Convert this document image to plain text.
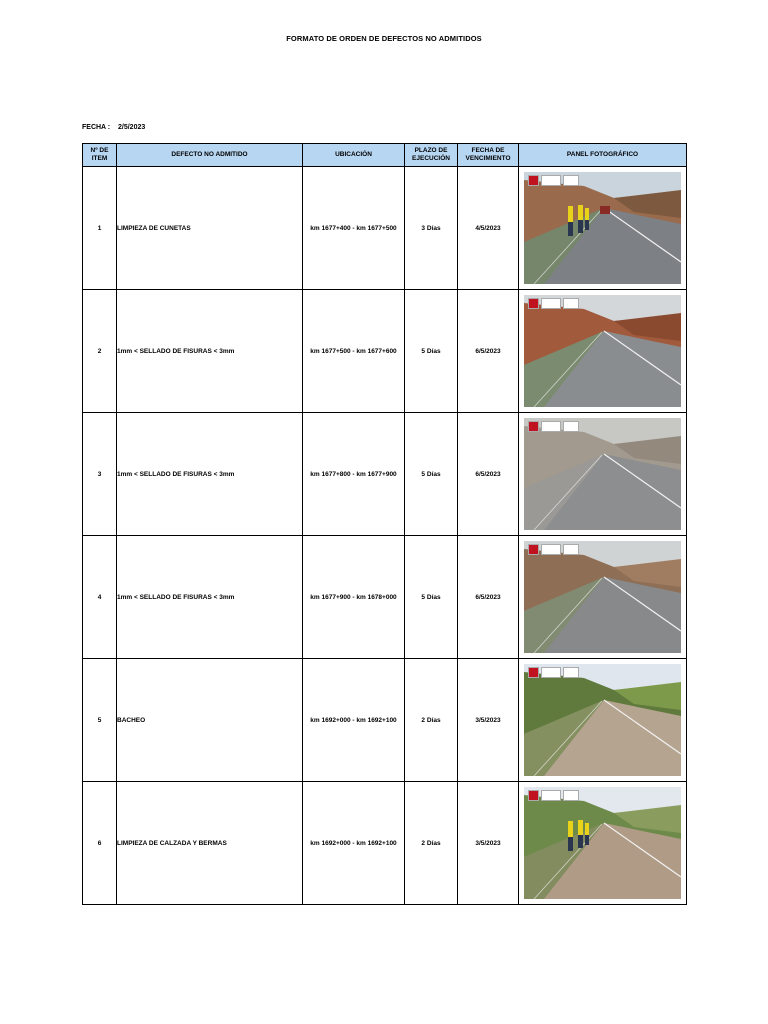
FORMATO DE ORDEN DE DEFECTOS NO ADMITIDOS
FECHA : 2/5/2023
Nº DE ITEM	DEFECTO NO ADMITIDO	UBICACIÓN	PLAZO DE EJECUCIÓN	FECHA DE VENCIMIENTO	PANEL FOTOGRÁFICO
1	LIMPIEZA DE CUNETAS	km 1677+400 - km 1677+500	3 Días	4/5/2023	

2	1mm < SELLADO DE FISURAS < 3mm	km 1677+500 - km 1677+600	5 Días	6/5/2023	

3	1mm < SELLADO DE FISURAS < 3mm	km 1677+800 - km 1677+900	5 Días	6/5/2023	

4	1mm < SELLADO DE FISURAS < 3mm	km 1677+900 - km 1678+000	5 Días	6/5/2023	

5	BACHEO	km 1692+000 - km 1692+100	2 Días	3/5/2023	

6	LIMPIEZA DE CALZADA Y BERMAS	km 1692+000 - km 1692+100	2 Días	3/5/2023	
